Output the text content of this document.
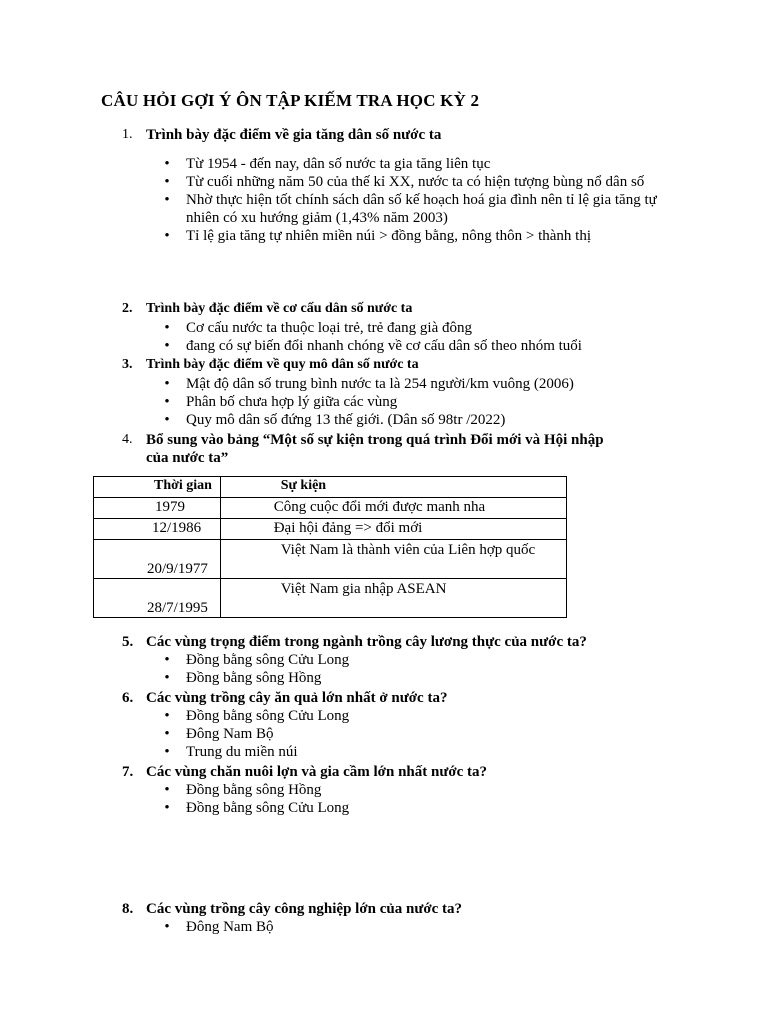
CÂU HỎI GỢI Ý ÔN TẬP KIẾM TRA HỌC KỲ 2
1. Trình bày đặc điểm về gia tăng dân số nước ta
• Từ 1954 - đến nay, dân số nước ta gia tăng liên tục
• Từ cuối những năm 50 của thế kỉ XX, nước ta có hiện tượng bùng nổ dân số
• Nhờ thực hiện tốt chính sách dân số kế hoạch hoá gia đình nên tỉ lệ gia tăng tự nhiên có xu hướng giảm (1,43% năm 2003)
• Tỉ lệ gia tăng tự nhiên miền núi > đồng bằng, nông thôn > thành thị
2. Trình bày đặc điểm về cơ cấu dân số nước ta
• Cơ cấu nước ta thuộc loại trẻ, trẻ đang già đông
• đang có sự biến đổi nhanh chóng về cơ cấu dân số theo nhóm tuổi
3. Trình bày đặc điểm về quy mô dân số nước ta
• Mật độ dân số trung bình nước ta là 254 người/km vuông (2006)
• Phân bố chưa hợp lý giữa các vùng
• Quy mô dân số đứng 13 thế giới. (Dân số 98tr /2022)
4. Bổ sung vào bảng “Một số sự kiện trong quá trình Đổi mới và Hội nhập
của nước ta”
Thời gian	Sự kiện

1979	Công cuộc đổi mới được manh nha

12/1986	Đại hội đảng => đổi mới

20/9/1977	Việt Nam là thành viên của Liên hợp quốc

28/7/1995	Việt Nam gia nhập ASEAN
5. Các vùng trọng điểm trong ngành trồng cây lương thực của nước ta?
• Đồng bằng sông Cửu Long
• Đồng bằng sông Hồng
6. Các vùng trồng cây ăn quả lớn nhất ở nước ta?
• Đồng bằng sông Cửu Long
• Đông Nam Bộ
• Trung du miền núi
7. Các vùng chăn nuôi lợn và gia cầm lớn nhất nước ta?
• Đồng bằng sông Hồng
• Đồng bằng sông Cửu Long
8. Các vùng trồng cây công nghiệp lớn của nước ta?
• Đông Nam Bộ
